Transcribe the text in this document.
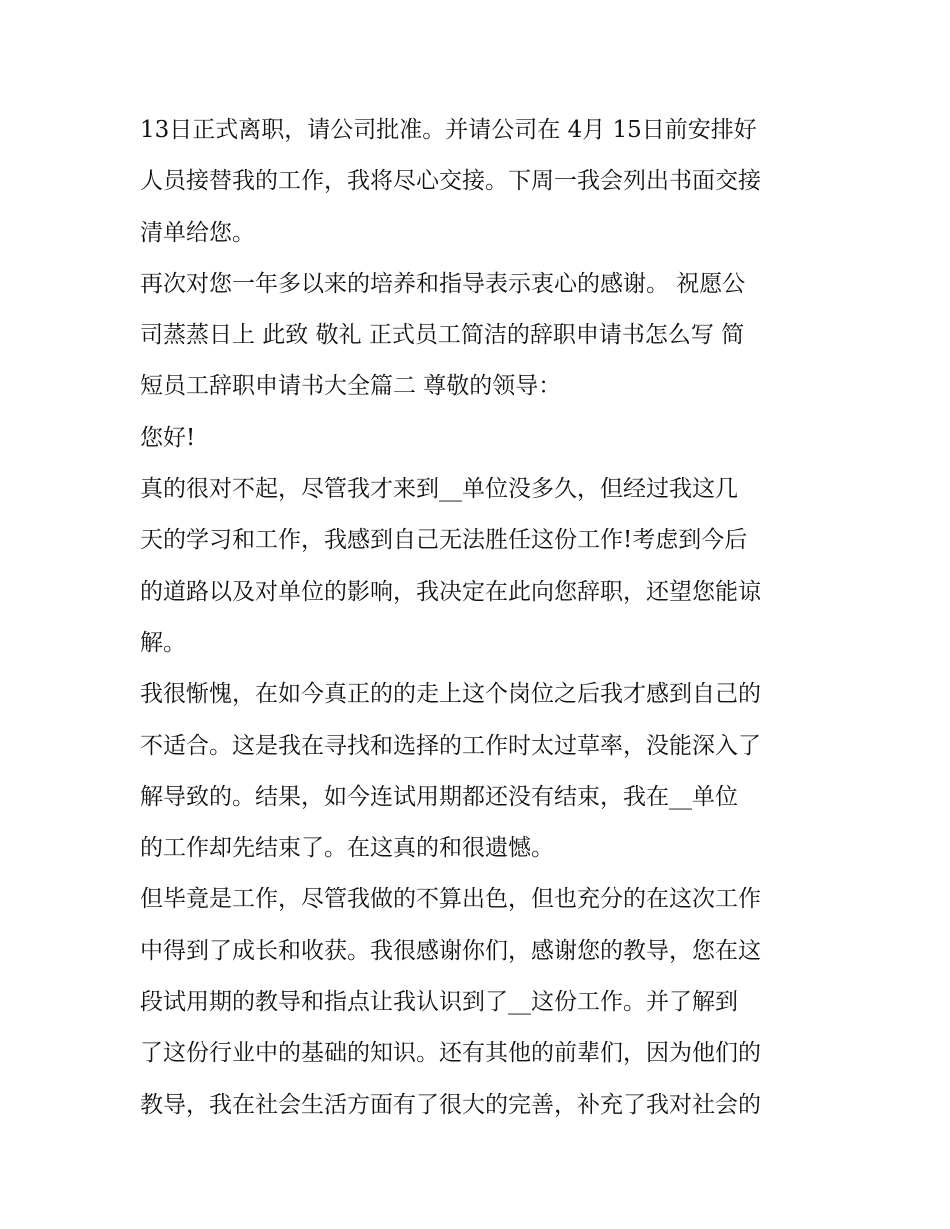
13日正式离职，请公司批准。并请公司在 4月 15日前安排好
人员接替我的工作，我将尽心交接。下周一我会列出书面交接
清单给您。
再次对您一年多以来的培养和指导表示衷心的感谢。 祝愿公
司蒸蒸日上 此致 敬礼 正式员工简洁的辞职申请书怎么写 简
短员工辞职申请书大全篇二 尊敬的领导：
您好!
真的很对不起，尽管我才来到__单位没多久，但经过我这几
天的学习和工作，我感到自己无法胜任这份工作!考虑到今后
的道路以及对单位的影响，我决定在此向您辞职，还望您能谅
解。
我很惭愧，在如今真正的的走上这个岗位之后我才感到自己的
不适合。这是我在寻找和选择的工作时太过草率，没能深入了
解导致的。结果，如今连试用期都还没有结束，我在__单位
的工作却先结束了。在这真的和很遗憾。
但毕竟是工作，尽管我做的不算出色，但也充分的在这次工作
中得到了成长和收获。我很感谢你们，感谢您的教导，您在这
段试用期的教导和指点让我认识到了__这份工作。并了解到
了这份行业中的基础的知识。还有其他的前辈们，因为他们的
教导，我在社会生活方面有了很大的完善，补充了我对社会的
